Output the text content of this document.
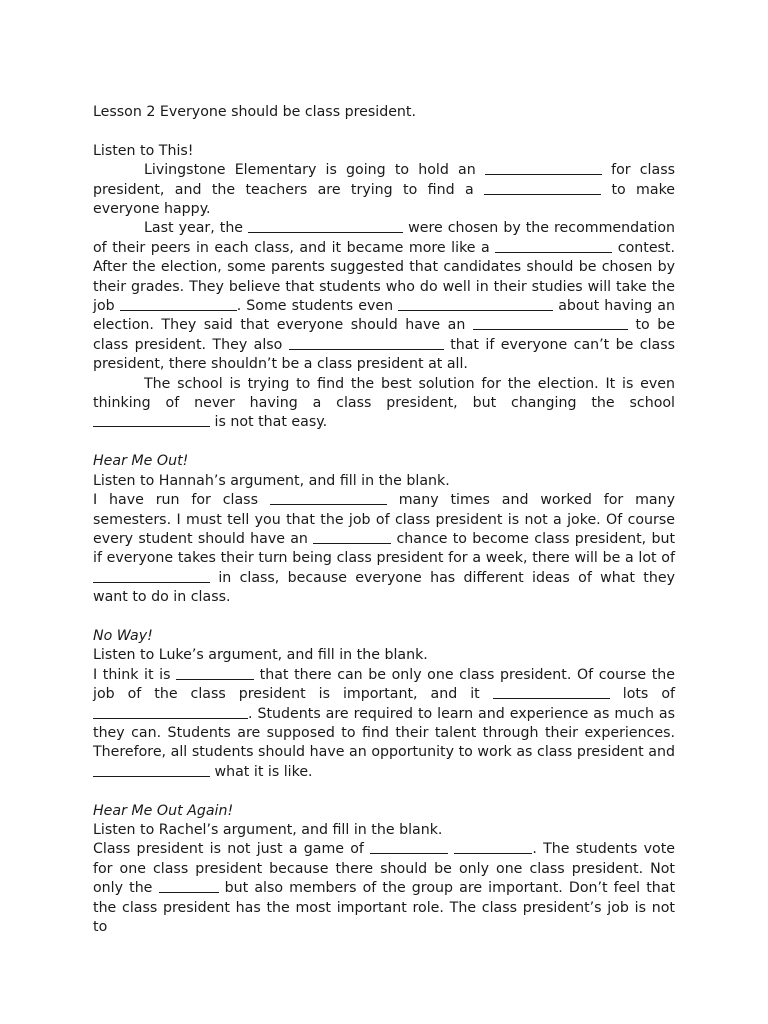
Lesson 2 Everyone should be class president.

Listen to This!

Livingstone Elementary is going to hold an	for class president, and the teachers are trying to find a	to make everyone happy.

Last year, the	were chosen by the recommendation of their peers in each class, and it became more like a	contest. After the election, some parents suggested that candidates should be chosen by their grades. They believe that students who do well in their studies will take the job	. Some students even	about having an election. They said that everyone should have an	to be class president. They also	that if everyone can’t be class president, there shouldn’t be a class president at all.

The school is trying to find the best solution for the election. It is even thinking of never having a class president, but changing the school  is not that easy.

Hear Me Out!

Listen to Hannah’s argument, and fill in the blank.

I have run for class	many times and worked for many semesters. I must tell you that the job of class president is not a joke. Of course every student should have an	chance to become class president, but if everyone takes their turn being class president for a week, there will be a lot of  in class, because everyone has different ideas of what they want to do in class.

No Way!

Listen to Luke’s argument, and fill in the blank.

I think it is	that there can be only one class president. Of course the job of the class president is important, and it	lots of . Students are required to learn and experience as much as they can. Students are supposed to find their talent through their experiences. Therefore, all students should have an opportunity to work as class president and  what it is like.

Hear Me Out Again!

Listen to Rachel’s argument, and fill in the blank.

Class president is not just a game of	. The students vote for one class president because there should be only one class president. Not only the	but also members of the group are important. Don’t feel that the class president has the most important role. The class president’s job is not to
